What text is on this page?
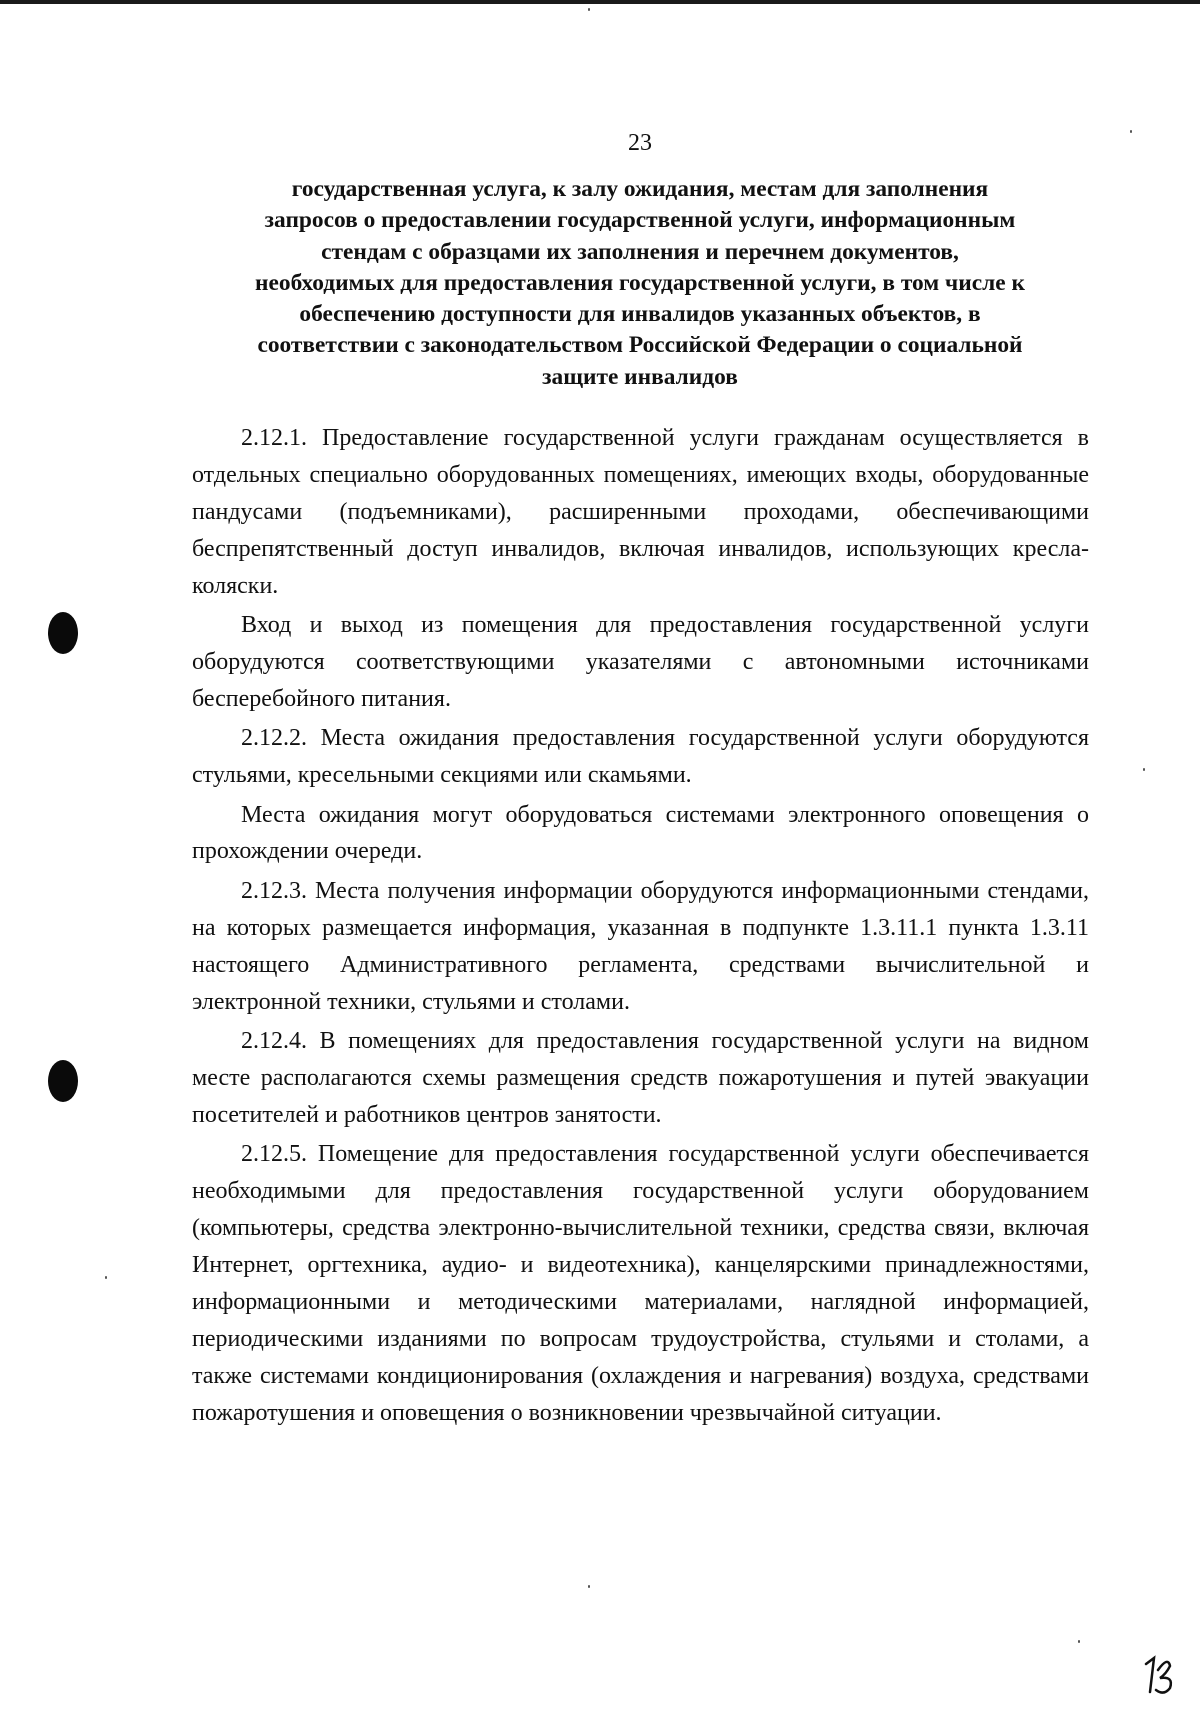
23
государственная услуга, к залу ожидания, местам для заполнения
запросов о предоставлении государственной услуги, информационным
стендам с образцами их заполнения и перечнем документов,
необходимых для предоставления государственной услуги, в том числе к
обеспечению доступности для инвалидов указанных объектов, в
соответствии с законодательством Российской Федерации о социальной
защите инвалидов

2.12.1. Предоставление государственной услуги гражданам осуществляется в отдельных специально оборудованных помещениях, имеющих входы, оборудованные пандусами (подъемниками), расширенными проходами, обеспечивающими беспрепятственный доступ инвалидов, включая инвалидов, использующих кресла-коляски.

Вход и выход из помещения для предоставления государственной услуги оборудуются соответствующими указателями с автономными источниками бесперебойного питания.

2.12.2. Места ожидания предоставления государственной услуги оборудуются стульями, кресельными секциями или скамьями.

Места ожидания могут оборудоваться системами электронного оповещения о прохождении очереди.

2.12.3. Места получения информации оборудуются информационными стендами, на которых размещается информация, указанная в подпункте 1.3.11.1 пункта 1.3.11 настоящего Административного регламента, средствами вычислительной и электронной техники, стульями и столами.

2.12.4. В помещениях для предоставления государственной услуги на видном месте располагаются схемы размещения средств пожаротушения и путей эвакуации посетителей и работников центров занятости.

2.12.5. Помещение для предоставления государственной услуги обеспечивается необходимыми для предоставления государственной услуги оборудованием (компьютеры, средства электронно-вычислительной техники, средства связи, включая Интернет, оргтехника, аудио- и видеотехника), канцелярскими принадлежностями, информационными и методическими материалами, наглядной информацией, периодическими изданиями по вопросам трудоустройства, стульями и столами, а также системами кондиционирования (охлаждения и нагревания) воздуха, средствами пожаротушения и оповещения о возникновении чрезвычайной ситуации.
